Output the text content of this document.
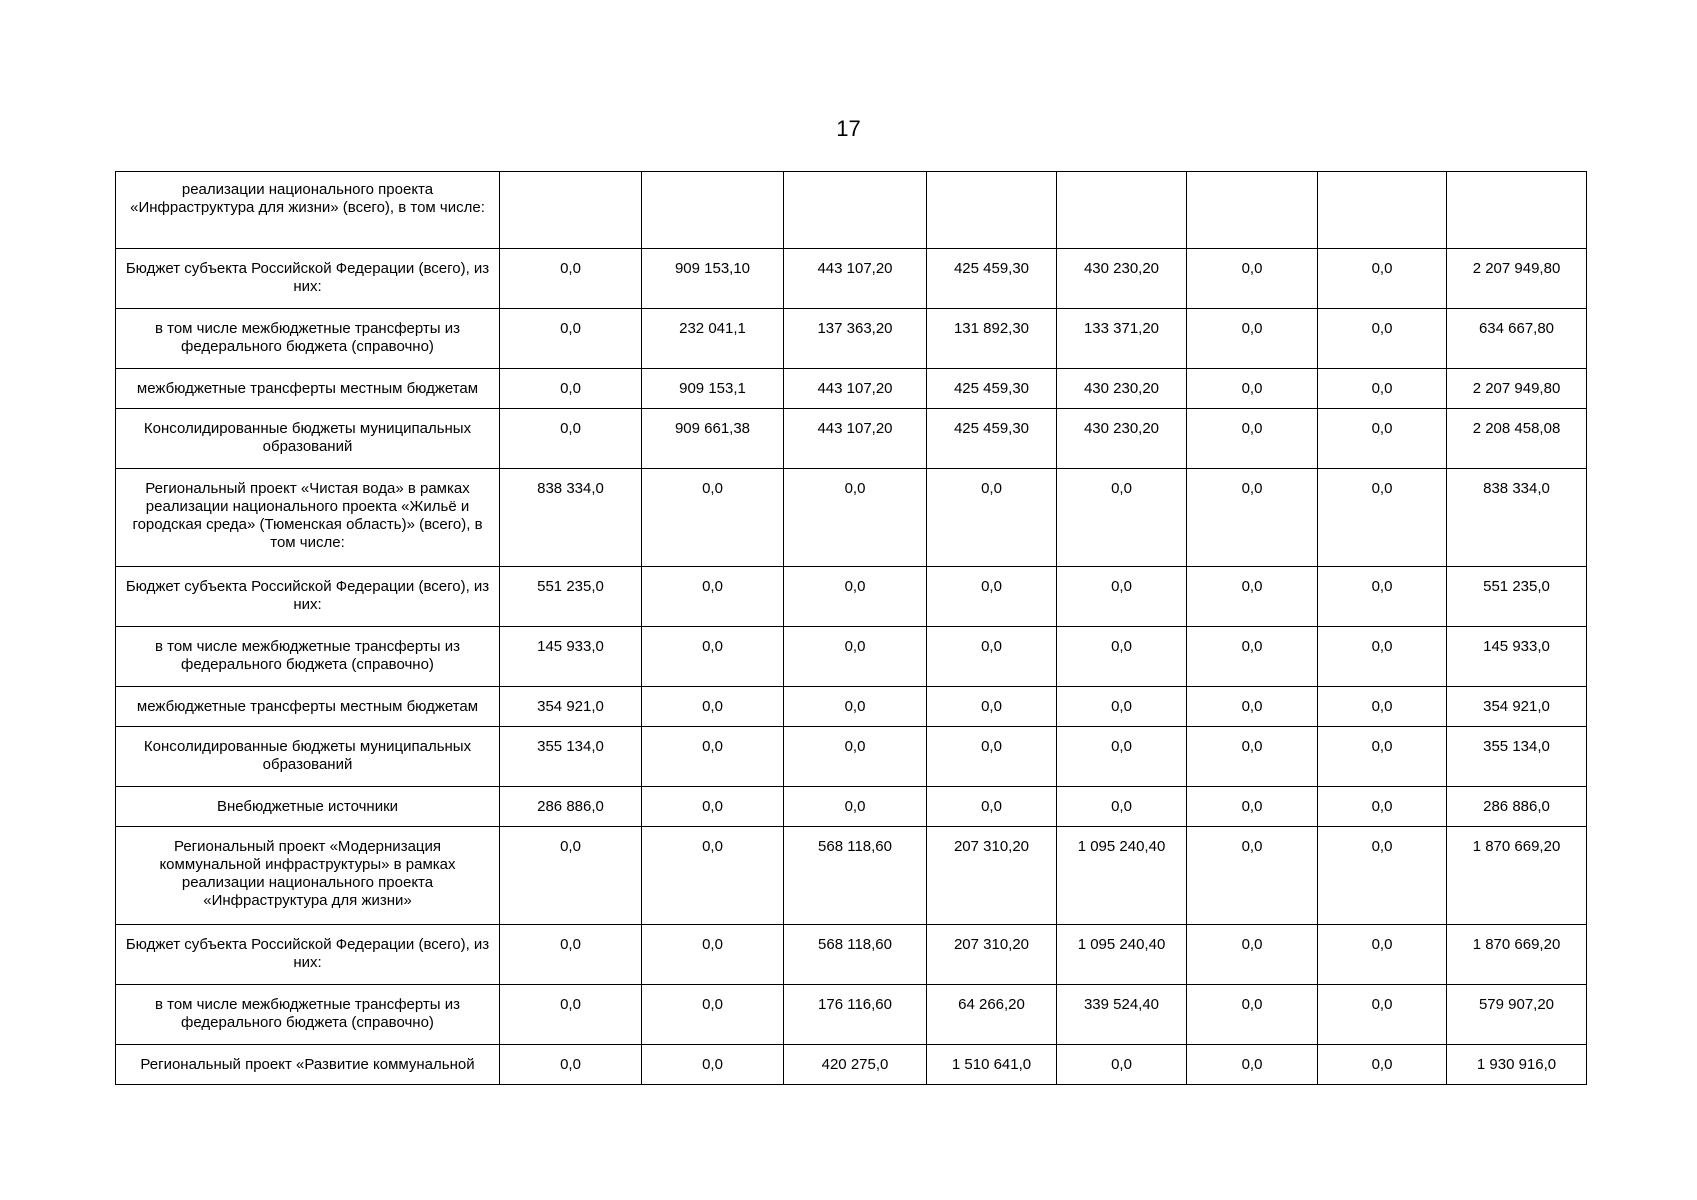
17
реализации национального проекта «Инфраструктура для жизни» (всего), в том числе:								
Бюджет субъекта Российской Федерации (всего), из них:	0,0	909 153,10	443 107,20	425 459,30	430 230,20	0,0	0,0	2 207 949,80
в том числе межбюджетные трансферты из федерального бюджета (справочно)	0,0	232 041,1	137 363,20	131 892,30	133 371,20	0,0	0,0	634 667,80
межбюджетные трансферты местным бюджетам	0,0	909 153,1	443 107,20	425 459,30	430 230,20	0,0	0,0	2 207 949,80
Консолидированные бюджеты муниципальных образований	0,0	909 661,38	443 107,20	425 459,30	430 230,20	0,0	0,0	2 208 458,08
Региональный проект «Чистая вода» в рамках реализации национального проекта «Жильё и городская среда» (Тюменская область)» (всего), в том числе:	838 334,0	0,0	0,0	0,0	0,0	0,0	0,0	838 334,0
Бюджет субъекта Российской Федерации (всего), из них:	551 235,0	0,0	0,0	0,0	0,0	0,0	0,0	551 235,0
в том числе межбюджетные трансферты из федерального бюджета (справочно)	145 933,0	0,0	0,0	0,0	0,0	0,0	0,0	145 933,0
межбюджетные трансферты местным бюджетам	354 921,0	0,0	0,0	0,0	0,0	0,0	0,0	354 921,0
Консолидированные бюджеты муниципальных образований	355 134,0	0,0	0,0	0,0	0,0	0,0	0,0	355 134,0
Внебюджетные источники	286 886,0	0,0	0,0	0,0	0,0	0,0	0,0	286 886,0
Региональный проект «Модернизация коммунальной инфраструктуры» в рамках реализации национального проекта «Инфраструктура для жизни»	0,0	0,0	568 118,60	207 310,20	1 095 240,40	0,0	0,0	1 870 669,20
Бюджет субъекта Российской Федерации (всего), из них:	0,0	0,0	568 118,60	207 310,20	1 095 240,40	0,0	0,0	1 870 669,20
в том числе межбюджетные трансферты из федерального бюджета (справочно)	0,0	0,0	176 116,60	64 266,20	339 524,40	0,0	0,0	579 907,20
Региональный проект «Развитие коммунальной	0,0	0,0	420 275,0	1 510 641,0	0,0	0,0	0,0	1 930 916,0
